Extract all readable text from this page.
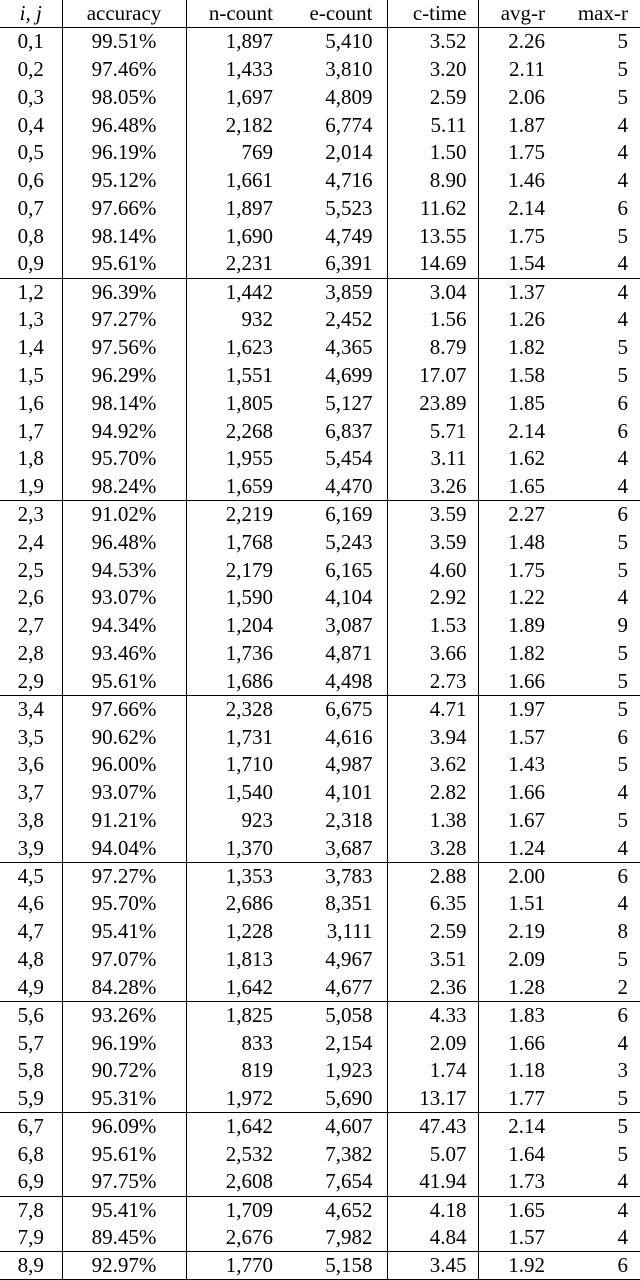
i, j	accuracy	n-count	e-count	c-time	avg-r	max-r
0,1	99.51%	1,897	5,410	3.52	2.26	5
0,2	97.46%	1,433	3,810	3.20	2.11	5
0,3	98.05%	1,697	4,809	2.59	2.06	5
0,4	96.48%	2,182	6,774	5.11	1.87	4
0,5	96.19%	769	2,014	1.50	1.75	4
0,6	95.12%	1,661	4,716	8.90	1.46	4
0,7	97.66%	1,897	5,523	11.62	2.14	6
0,8	98.14%	1,690	4,749	13.55	1.75	5
0,9	95.61%	2,231	6,391	14.69	1.54	4
1,2	96.39%	1,442	3,859	3.04	1.37	4
1,3	97.27%	932	2,452	1.56	1.26	4
1,4	97.56%	1,623	4,365	8.79	1.82	5
1,5	96.29%	1,551	4,699	17.07	1.58	5
1,6	98.14%	1,805	5,127	23.89	1.85	6
1,7	94.92%	2,268	6,837	5.71	2.14	6
1,8	95.70%	1,955	5,454	3.11	1.62	4
1,9	98.24%	1,659	4,470	3.26	1.65	4
2,3	91.02%	2,219	6,169	3.59	2.27	6
2,4	96.48%	1,768	5,243	3.59	1.48	5
2,5	94.53%	2,179	6,165	4.60	1.75	5
2,6	93.07%	1,590	4,104	2.92	1.22	4
2,7	94.34%	1,204	3,087	1.53	1.89	9
2,8	93.46%	1,736	4,871	3.66	1.82	5
2,9	95.61%	1,686	4,498	2.73	1.66	5
3,4	97.66%	2,328	6,675	4.71	1.97	5
3,5	90.62%	1,731	4,616	3.94	1.57	6
3,6	96.00%	1,710	4,987	3.62	1.43	5
3,7	93.07%	1,540	4,101	2.82	1.66	4
3,8	91.21%	923	2,318	1.38	1.67	5
3,9	94.04%	1,370	3,687	3.28	1.24	4
4,5	97.27%	1,353	3,783	2.88	2.00	6
4,6	95.70%	2,686	8,351	6.35	1.51	4
4,7	95.41%	1,228	3,111	2.59	2.19	8
4,8	97.07%	1,813	4,967	3.51	2.09	5
4,9	84.28%	1,642	4,677	2.36	1.28	2
5,6	93.26%	1,825	5,058	4.33	1.83	6
5,7	96.19%	833	2,154	2.09	1.66	4
5,8	90.72%	819	1,923	1.74	1.18	3
5,9	95.31%	1,972	5,690	13.17	1.77	5
6,7	96.09%	1,642	4,607	47.43	2.14	5
6,8	95.61%	2,532	7,382	5.07	1.64	5
6,9	97.75%	2,608	7,654	41.94	1.73	4
7,8	95.41%	1,709	4,652	4.18	1.65	4
7,9	89.45%	2,676	7,982	4.84	1.57	4
8,9	92.97%	1,770	5,158	3.45	1.92	6
